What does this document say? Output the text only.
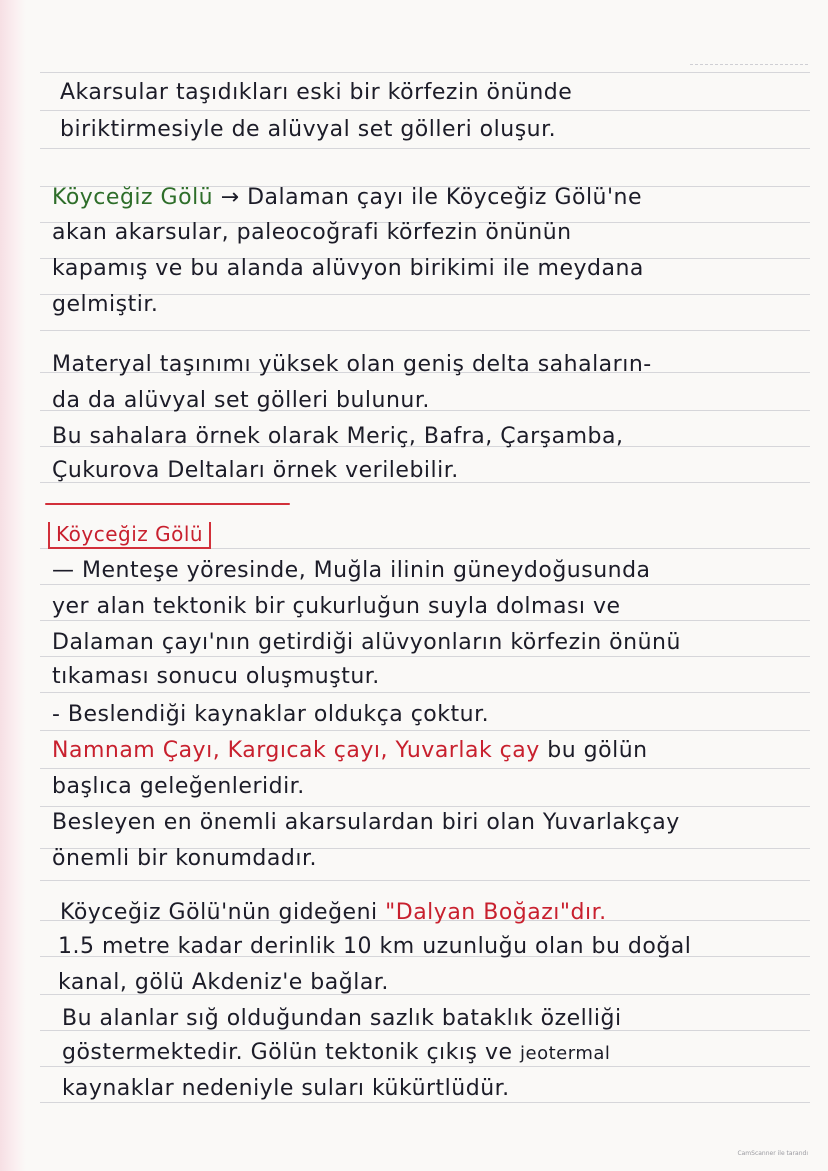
Akarsular taşıdıkları eski bir körfezin önünde
biriktirmesiyle de alüvyal set gölleri oluşur.
Köyceğiz Gölü → Dalaman çayı ile Köyceğiz Gölü'ne
akan akarsular, paleocoğrafi körfezin önünün
kapamış ve bu alanda alüvyon birikimi ile meydana
gelmiştir.
Materyal taşınımı yüksek olan geniş delta sahaların-
da da alüvyal set gölleri bulunur.
Bu sahalara örnek olarak Meriç, Bafra, Çarşamba,
Çukurova Deltaları örnek verilebilir.
Köyceğiz Gölü
— Menteşe yöresinde, Muğla ilinin güneydoğusunda
yer alan tektonik bir çukurluğun suyla dolması ve
Dalaman çayı'nın getirdiği alüvyonların körfezin önünü
tıkaması sonucu oluşmuştur.
- Beslendiği kaynaklar oldukça çoktur.
Namnam Çayı, Kargıcak çayı, Yuvarlak çay bu gölün
başlıca geleğenleridir.
Besleyen en önemli akarsulardan biri olan Yuvarlakçay
önemli bir konumdadır.
Köyceğiz Gölü'nün gideğeni "Dalyan Boğazı"dır.
1.5 metre kadar derinlik 10 km uzunluğu olan bu doğal
kanal, gölü Akdeniz'e bağlar.
Bu alanlar sığ olduğundan sazlık bataklık özelliği
göstermektedir. Gölün tektonik çıkış ve jeotermal
kaynaklar nedeniyle suları kükürtlüdür.
CamScanner ile tarandı
